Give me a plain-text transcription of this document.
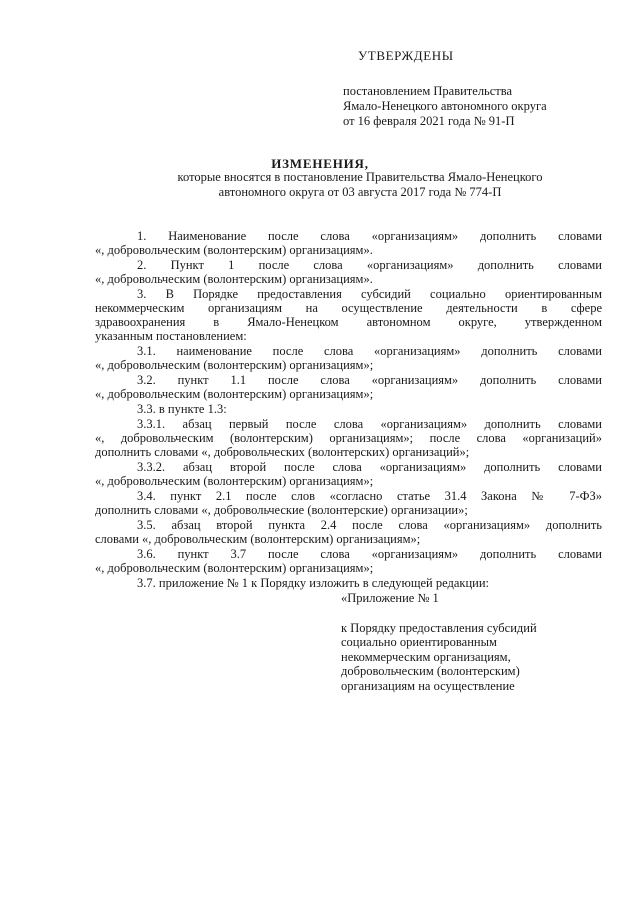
УТВЕРЖДЕНЫ
постановлением Правительства
Ямало-Ненецкого автономного округа
от 16 февраля 2021 года № 91-П
ИЗМЕНЕНИЯ,
которые вносятся в постановление Правительства Ямало-Ненецкого
автономного округа от 03 августа 2017 года № 774-П
1. Наименование после слова «организациям» дополнить словами
«, добровольческим (волонтерским) организациям».
2. Пункт 1 после слова «организациям» дополнить словами
«, добровольческим (волонтерским) организациям».
3. В Порядке предоставления субсидий социально ориентированным
некоммерческим организациям на осуществление деятельности в сфере
здравоохранения в Ямало-Ненецком автономном округе, утвержденном
указанным постановлением:
3.1. наименование после слова «организациям» дополнить словами
«, добровольческим (волонтерским) организациям»;
3.2. пункт 1.1 после слова «организациям» дополнить словами
«, добровольческим (волонтерским) организациям»;
3.3. в пункте 1.3:
3.3.1. абзац первый после слова «организациям» дополнить словами
«, добровольческим (волонтерским) организациям»; после слова «организаций»
дополнить словами «, добровольческих (волонтерских) организаций»;
3.3.2. абзац второй после слова «организациям» дополнить словами
«, добровольческим (волонтерским) организациям»;
3.4. пункт 2.1 после слов «согласно статье 31.4 Закона № 7-ФЗ»
дополнить словами «, добровольческие (волонтерские) организации»;
3.5. абзац второй пункта 2.4 после слова «организациям» дополнить
словами «, добровольческим (волонтерским) организациям»;
3.6. пункт 3.7 после слова «организациям» дополнить словами
«, добровольческим (волонтерским) организациям»;
3.7. приложение № 1 к Порядку изложить в следующей редакции:
«Приложение № 1
к Порядку предоставления субсидий
социально ориентированным
некоммерческим организациям,
добровольческим (волонтерским)
организациям на осуществление
